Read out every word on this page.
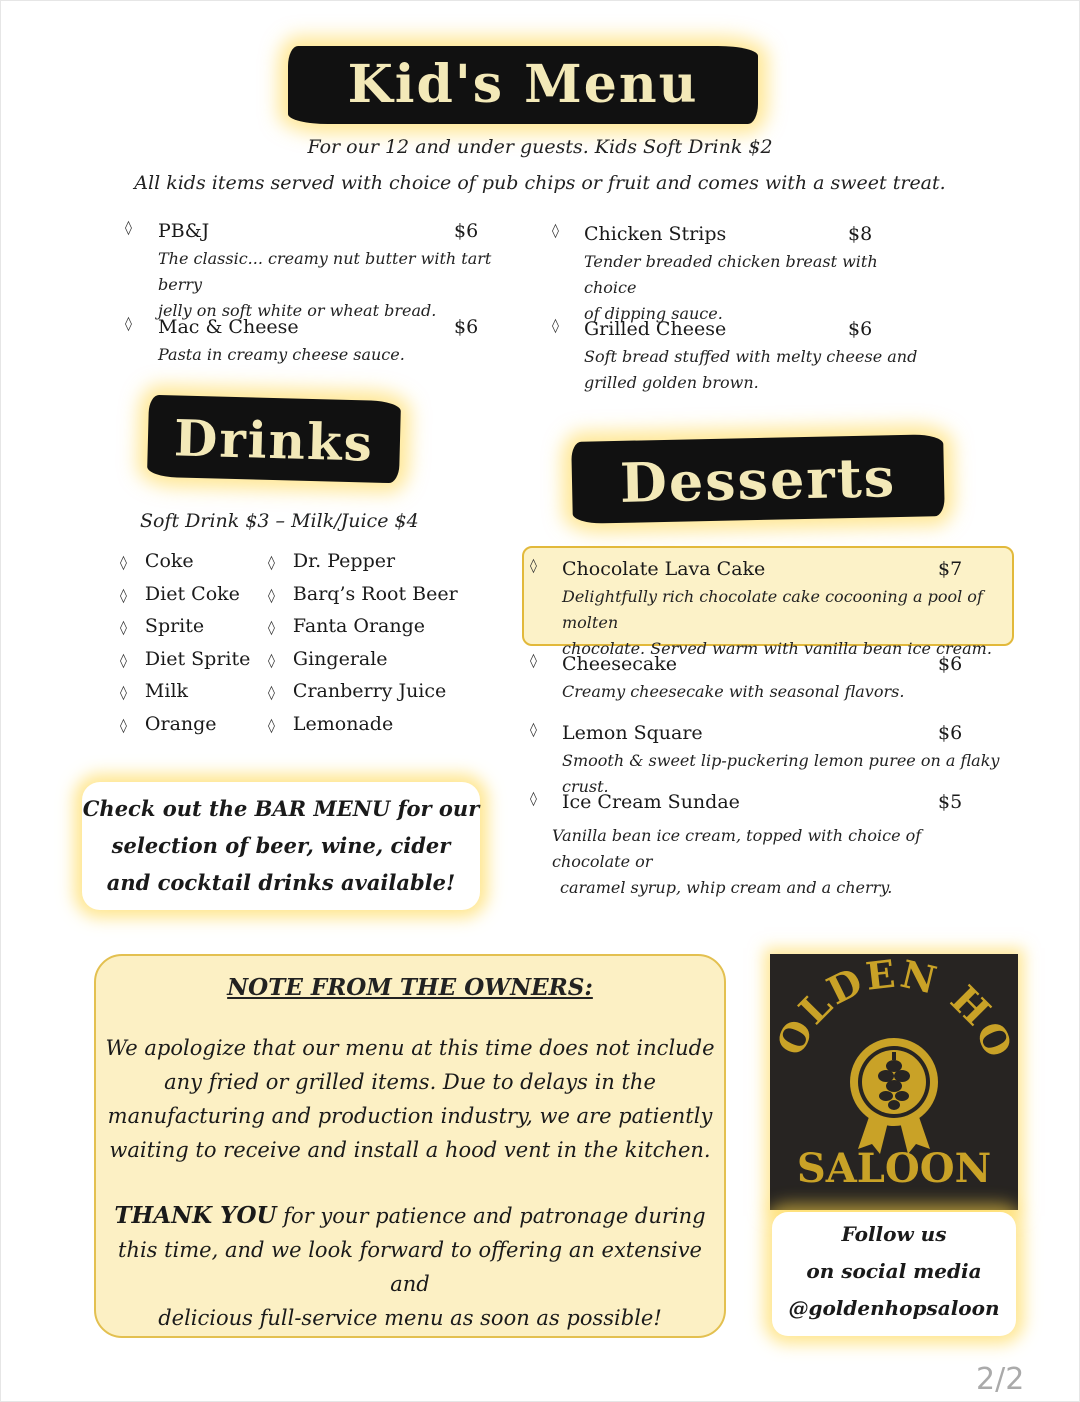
Kid's Menu
For our 12 and under guests. Kids Soft Drink $2
All kids items served with choice of pub chips or fruit and comes with a sweet treat.
◊ PB&J	$6
The classic... creamy nut butter with tart berry
jelly on soft white or wheat bread.
◊ Mac & Cheese	$6
Pasta in creamy cheese sauce.
◊ Chicken Strips	$8
Tender breaded chicken breast with choice
of dipping sauce.
◊ Grilled Cheese	$6
Soft bread stuffed with melty cheese and
grilled golden brown.
Drinks
Soft Drink $3 – Milk/Juice $4
◊ Coke
◊ Diet Coke
◊ Sprite
◊ Diet Sprite
◊ Milk
◊ Orange
◊ Dr. Pepper
◊ Barq’s Root Beer
◊ Fanta Orange
◊ Gingerale
◊ Cranberry Juice
◊ Lemonade
Desserts
◊ Chocolate Lava Cake	$7
Delightfully rich chocolate cake cocooning a pool of molten
chocolate. Served warm with vanilla bean ice cream.
◊ Cheesecake	$6
Creamy cheesecake with seasonal flavors.
◊ Lemon Square	$6
Smooth & sweet lip-puckering lemon puree on a flaky crust.
◊ Ice Cream Sundae	$5
Vanilla bean ice cream, topped with choice of chocolate or
caramel syrup, whip cream and a cherry.
Check out the BAR MENU for our
selection of beer, wine, cider
and cocktail drinks available!
NOTE FROM THE OWNERS:
We apologize that our menu at this time does not include
any fried or grilled items. Due to delays in the
manufacturing and production industry, we are patiently
waiting to receive and install a hood vent in the kitchen.
THANK YOU for your patience and patronage during
this time, and we look forward to offering an extensive and
delicious full-service menu as soon as possible!
OLDEN HO
SALOON
Follow us
on social media
@goldenhopsaloon
2/2
